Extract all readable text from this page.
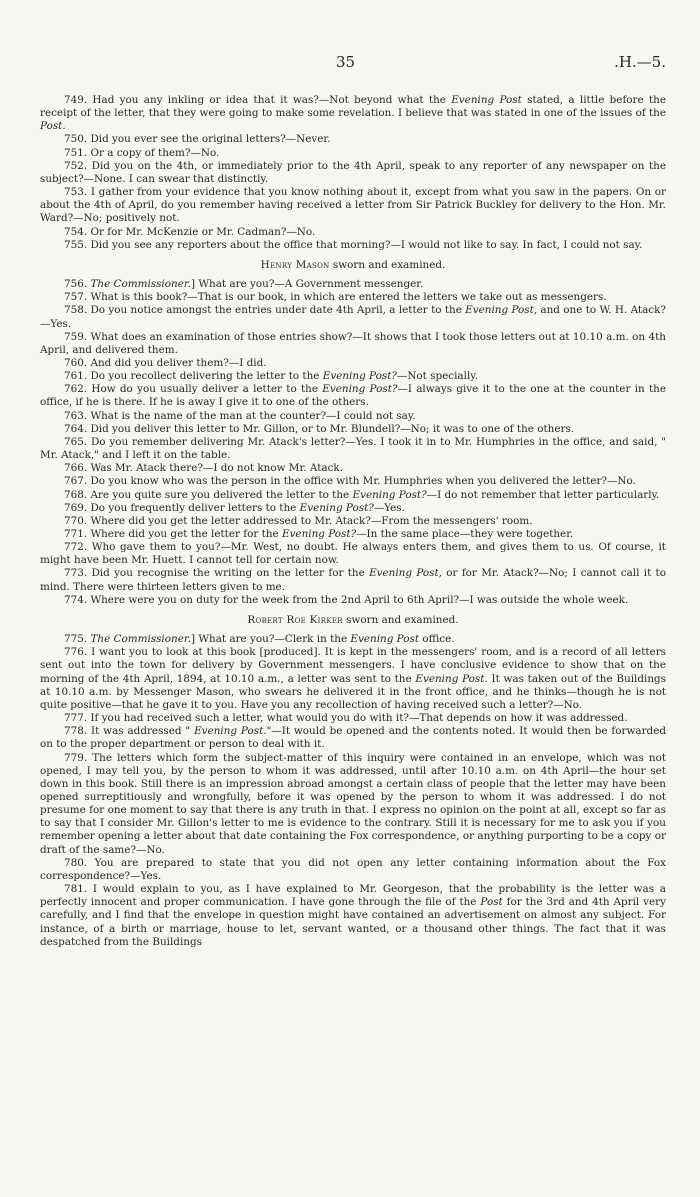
35	.H.—5.

749. Had you any inkling or idea that it was?—Not beyond what the Evening Post stated, a little before the receipt of the letter, that they were going to make some revelation. I believe that was stated in one of the issues of the Post.

750. Did you ever see the original letters?—Never.

751. Or a copy of them?—No.

752. Did you on the 4th, or immediately prior to the 4th April, speak to any reporter of any newspaper on the subject?—None. I can swear that distinctly.

753. I gather from your evidence that you know nothing about it, except from what you saw in the papers. On or about the 4th of April, do you remember having received a letter from Sir Patrick Buckley for delivery to the Hon. Mr. Ward?—No; positively not.

754. Or for Mr. McKenzie or Mr. Cadman?—No.

755. Did you see any reporters about the office that morning?—I would not like to say. In fact, I could not say.

Henry Mason sworn and examined.

756. The Commissioner.] What are you?—A Government messenger.

757. What is this book?—That is our book, in which are entered the letters we take out as messengers.

758. Do you notice amongst the entries under date 4th April, a letter to the Evening Post, and one to W. H. Atack?—Yes.

759. What does an examination of those entries show?—It shows that I took those letters out at 10.10 a.m. on 4th April, and delivered them.

760. And did you deliver them?—I did.

761. Do you recollect delivering the letter to the Evening Post?—Not specially.

762. How do you usually deliver a letter to the Evening Post?—I always give it to the one at the counter in the office, if he is there. If he is away I give it to one of the others.

763. What is the name of the man at the counter?—I could not say.

764. Did you deliver this letter to Mr. Gillon, or to Mr. Blundell?—No; it was to one of the others.

765. Do you remember delivering Mr. Atack's letter?—Yes. I took it in to Mr. Humphries in the office, and said, " Mr. Atack," and I left it on the table.

766. Was Mr. Atack there?—I do not know Mr. Atack.

767. Do you know who was the person in the office with Mr. Humphries when you delivered the letter?—No.

768. Are you quite sure you delivered the letter to the Evening Post?—I do not remember that letter particularly.

769. Do you frequently deliver letters to the Evening Post?—Yes.

770. Where did you get the letter addressed to Mr. Atack?—From the messengers' room.

771. Where did you get the letter for the Evening Post?—In the same place—they were together.

772. Who gave them to you?—Mr. West, no doubt. He always enters them, and gives them to us. Of course, it might have been Mr. Huett. I cannot tell for certain now.

773. Did you recognise the writing on the letter for the Evening Post, or for Mr. Atack?—No; I cannot call it to mind. There were thirteen letters given to me.

774. Where were you on duty for the week from the 2nd April to 6th April?—I was outside the whole week.

Robert Roe Kirker sworn and examined.

775. The Commissioner.] What are you?—Clerk in the Evening Post office.

776. I want you to look at this book [produced]. It is kept in the messengers' room, and is a record of all letters sent out into the town for delivery by Government messengers. I have conclusive evidence to show that on the morning of the 4th April, 1894, at 10.10 a.m., a letter was sent to the Evening Post. It was taken out of the Buildings at 10.10 a.m. by Messenger Mason, who swears he delivered it in the front office, and he thinks—though he is not quite positive—that he gave it to you. Have you any recollection of having received such a letter?—No.

777. If you had received such a letter, what would you do with it?—That depends on how it was addressed.

778. It was addressed " Evening Post."—It would be opened and the contents noted. It would then be forwarded on to the proper department or person to deal with it.

779. The letters which form the subject-matter of this inquiry were contained in an envelope, which was not opened, I may tell you, by the person to whom it was addressed, until after 10.10 a.m. on 4th April—the hour set down in this book. Still there is an impression abroad amongst a certain class of people that the letter may have been opened surreptitiously and wrongfully, before it was opened by the person to whom it was addressed. I do not presume for one moment to say that there is any truth in that. I express no opinion on the point at all, except so far as to say that I consider Mr. Gillon's letter to me is evidence to the contrary. Still it is necessary for me to ask you if you remember opening a letter about that date containing the Fox correspondence, or anything purporting to be a copy or draft of the same?—No.

780. You are prepared to state that you did not open any letter containing information about the Fox correspondence?—Yes.

781. I would explain to you, as I have explained to Mr. Georgeson, that the probability is the letter was a perfectly innocent and proper communication. I have gone through the file of the Post for the 3rd and 4th April very carefully, and I find that the envelope in question might have contained an advertisement on almost any subject. For instance, of a birth or marriage, house to let, servant wanted, or a thousand other things. The fact that it was despatched from the Buildings
